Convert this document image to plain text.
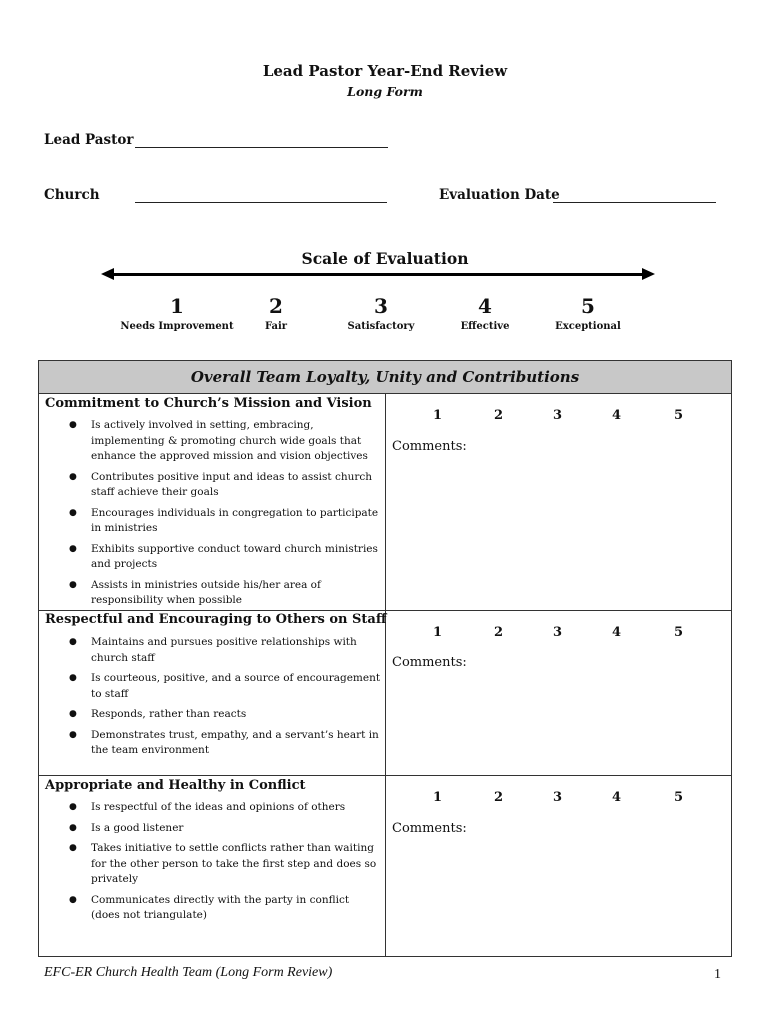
Lead Pastor Year-End Review
Long Form
Lead Pastor
Church	Evaluation Date
Scale of Evaluation
1
Needs Improvement
2
Fair
3
Satisfactory
4
Effective
5
Exceptional
Overall Team Loyalty, Unity and Contributions
Commitment to Church’s Mission and Vision
● Is actively involved in setting, embracing, implementing & promoting church wide goals that enhance the approved mission and vision objectives
● Contributes positive input and ideas to assist church staff achieve their goals
● Encourages individuals in congregation to participate in ministries
● Exhibits supportive conduct toward church ministries and projects
● Assists in ministries outside his/her area of responsibility when possible
1	2	3	4	5
Comments:
Respectful and Encouraging to Others on Staff
● Maintains and pursues positive relationships with church staff
● Is courteous, positive, and a source of encouragement to staff
● Responds, rather than reacts
● Demonstrates trust, empathy, and a servant’s heart in the team environment
1	2	3	4	5
Comments:
Appropriate and Healthy in Conflict
● Is respectful of the ideas and opinions of others
● Is a good listener
● Takes initiative to settle conflicts rather than waiting for the other person to take the first step and does so privately
● Communicates directly with the party in conflict (does not triangulate)
1	2	3	4	5
Comments:
EFC-ER Church Health Team (Long Form Review)	1
